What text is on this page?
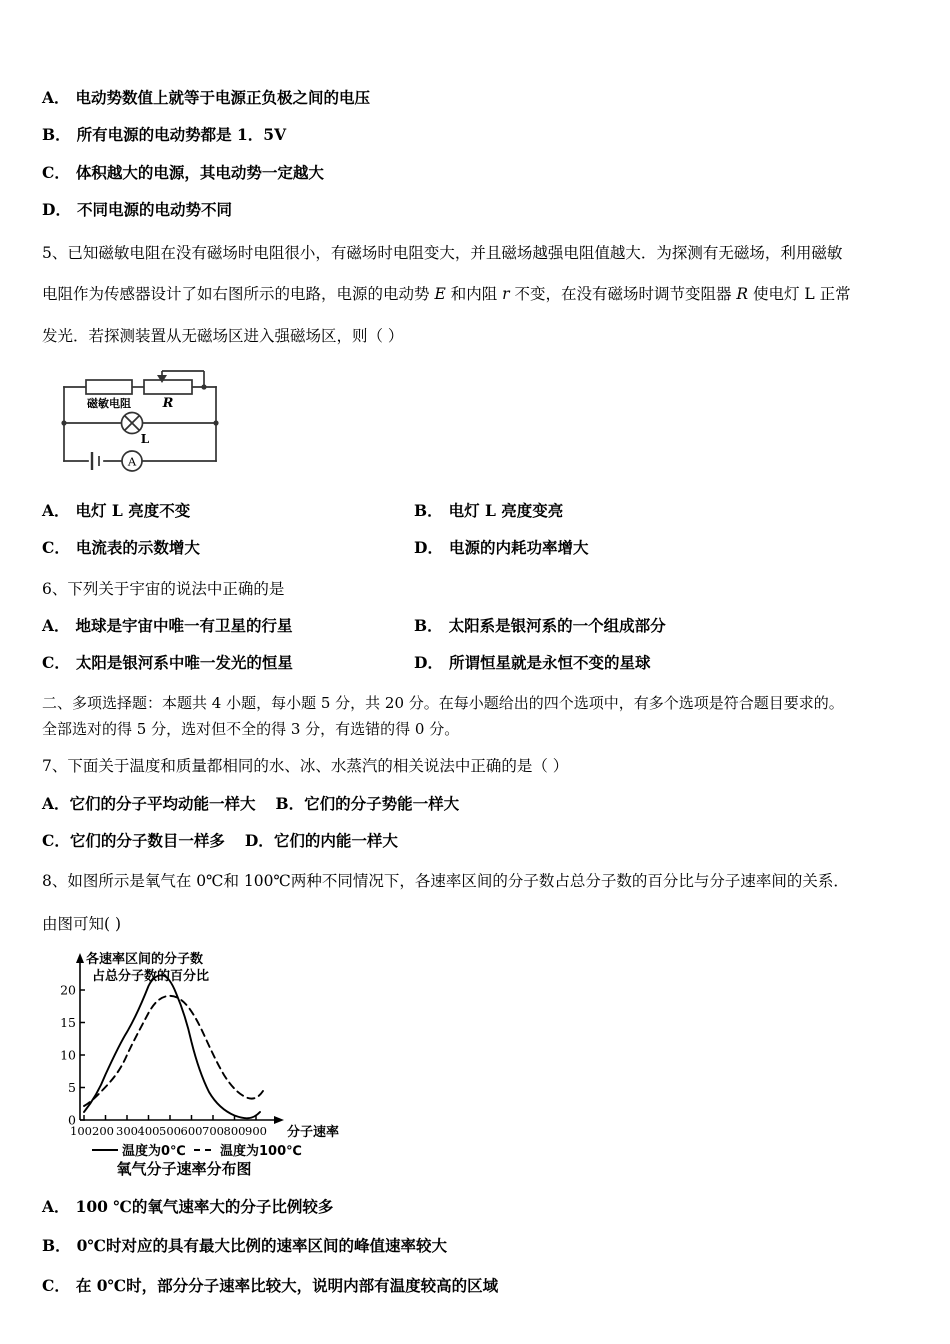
A． 电动势数值上就等于电源正负极之间的电压
B． 所有电源的电动势都是 1．5V
C． 体积越大的电源，其电动势一定越大
D． 不同电源的电动势不同
5、已知磁敏电阻在没有磁场时电阻很小，有磁场时电阻变大，并且磁场越强电阻值越大．为探测有无磁场，利用磁敏
电阻作为传感器设计了如右图所示的电路，电源的电动势 E 和内阻 r 不变，在没有磁场时调节变阻器 R 使电灯 L 正常
发光．若探测装置从无磁场区进入强磁场区，则（ ）
A
磁敏电阻 R
L
A． 电灯 L 亮度不变	B． 电灯 L 亮度变亮
C． 电流表的示数增大	D． 电源的内耗功率增大
6、下列关于宇宙的说法中正确的是
A． 地球是宇宙中唯一有卫星的行星	B． 太阳系是银河系的一个组成部分
C． 太阳是银河系中唯一发光的恒星	D． 所谓恒星就是永恒不变的星球
二、多项选择题：本题共 4 小题，每小题 5 分，共 20 分。在每小题给出的四个选项中，有多个选项是符合题目要求的。
全部选对的得 5 分，选对但不全的得 3 分，有选错的得 0 分。
7、下面关于温度和质量都相同的水、冰、水蒸汽的相关说法中正确的是（ ）
A．它们的分子平均动能一样大 B．它们的分子势能一样大
C．它们的分子数目一样多 D．它们的内能一样大
8、如图所示是氧气在 0℃和 100℃两种不同情况下，各速率区间的分子数占总分子数的百分比与分子速率间的关系．
由图可知( )
0
5
10
15
20
100 200 300 400 500 600 700 800 900 分子速率
各速率区间的分子数
占总分子数的百分比
温度为0℃	温度为100℃
氧气分子速率分布图
A． 100 ℃的氧气速率大的分子比例较多
B． 0℃时对应的具有最大比例的速率区间的峰值速率较大
C． 在 0℃时，部分分子速率比较大，说明内部有温度较高的区域
